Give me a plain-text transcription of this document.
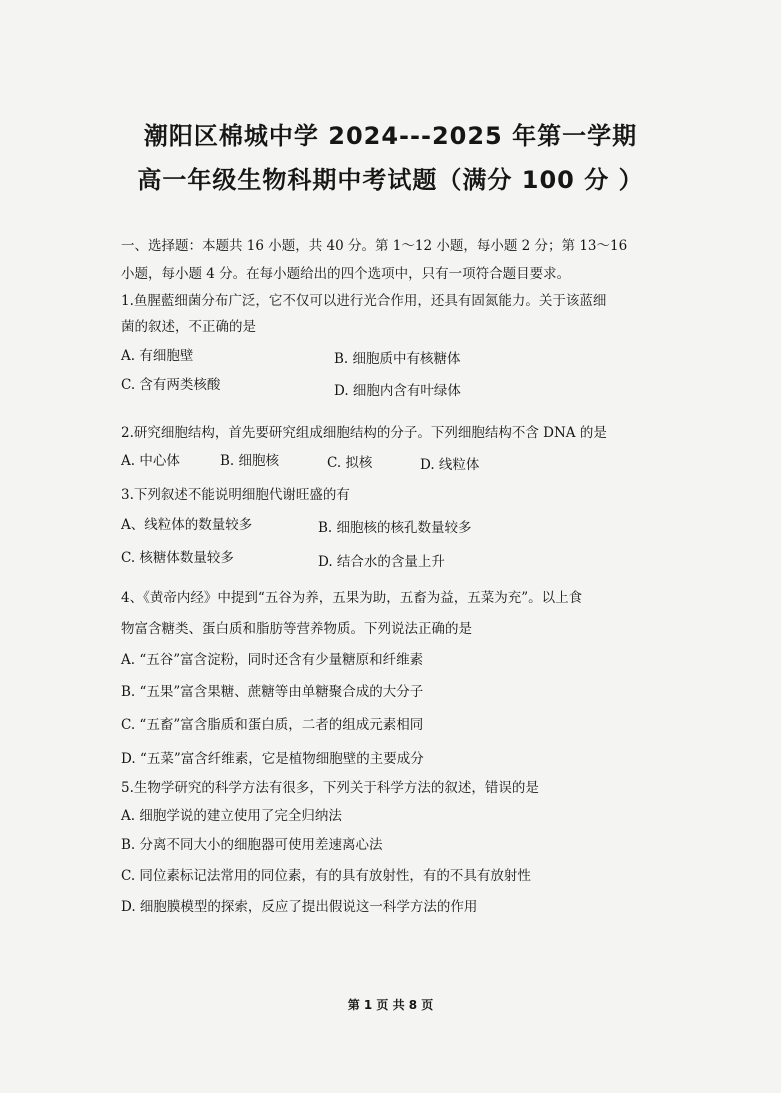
潮阳区棉城中学 2024---2025 年第一学期
高一年级生物科期中考试题（满分 100 分 ）
一、选择题：本题共 16 小题，共 40 分。第 1～12 小题，每小题 2 分；第 13～16
小题，每小题 4 分。在每小题给出的四个选项中，只有一项符合题目要求。
1.鱼腥藍细菌分布广泛，它不仅可以进行光合作用，还具有固氮能力。关于该蓝细
菌的叙述，不正确的是
A. 有细胞壁	B. 细胞质中有核糖体
C. 含有两类核酸	D. 细胞内含有叶绿体
2.研究细胞结构，首先要研究组成细胞结构的分子。下列细胞结构不含 DNA 的是
A. 中心体	B. 细胞核	C. 拟核	D. 线粒体
3.下列叙述不能说明细胞代谢旺盛的有
A、线粒体的数量较多	B. 细胞核的核孔数量较多
C. 核糖体数量较多	D. 结合水的含量上升
4、《黄帝内经》中提到“五谷为养，五果为助，五畜为益，五菜为充”。以上食
物富含糖类、蛋白质和脂肪等营养物质。下列说法正确的是
A. “五谷”富含淀粉，同时还含有少量糖原和纤维素
B. “五果”富含果糖、蔗糖等由单糖聚合成的大分子
C. “五畜”富含脂质和蛋白质，二者的组成元素相同
D. “五菜”富含纤维素，它是植物细胞壁的主要成分
5.生物学研究的科学方法有很多，下列关于科学方法的叙述，错误的是
A. 细胞学说的建立使用了完全归纳法
B. 分离不同大小的细胞器可使用差速离心法
C. 同位素标记法常用的同位素，有的具有放射性，有的不具有放射性
D. 细胞膜模型的探索，反应了提出假说这一科学方法的作用
第 1 页 共 8 页
